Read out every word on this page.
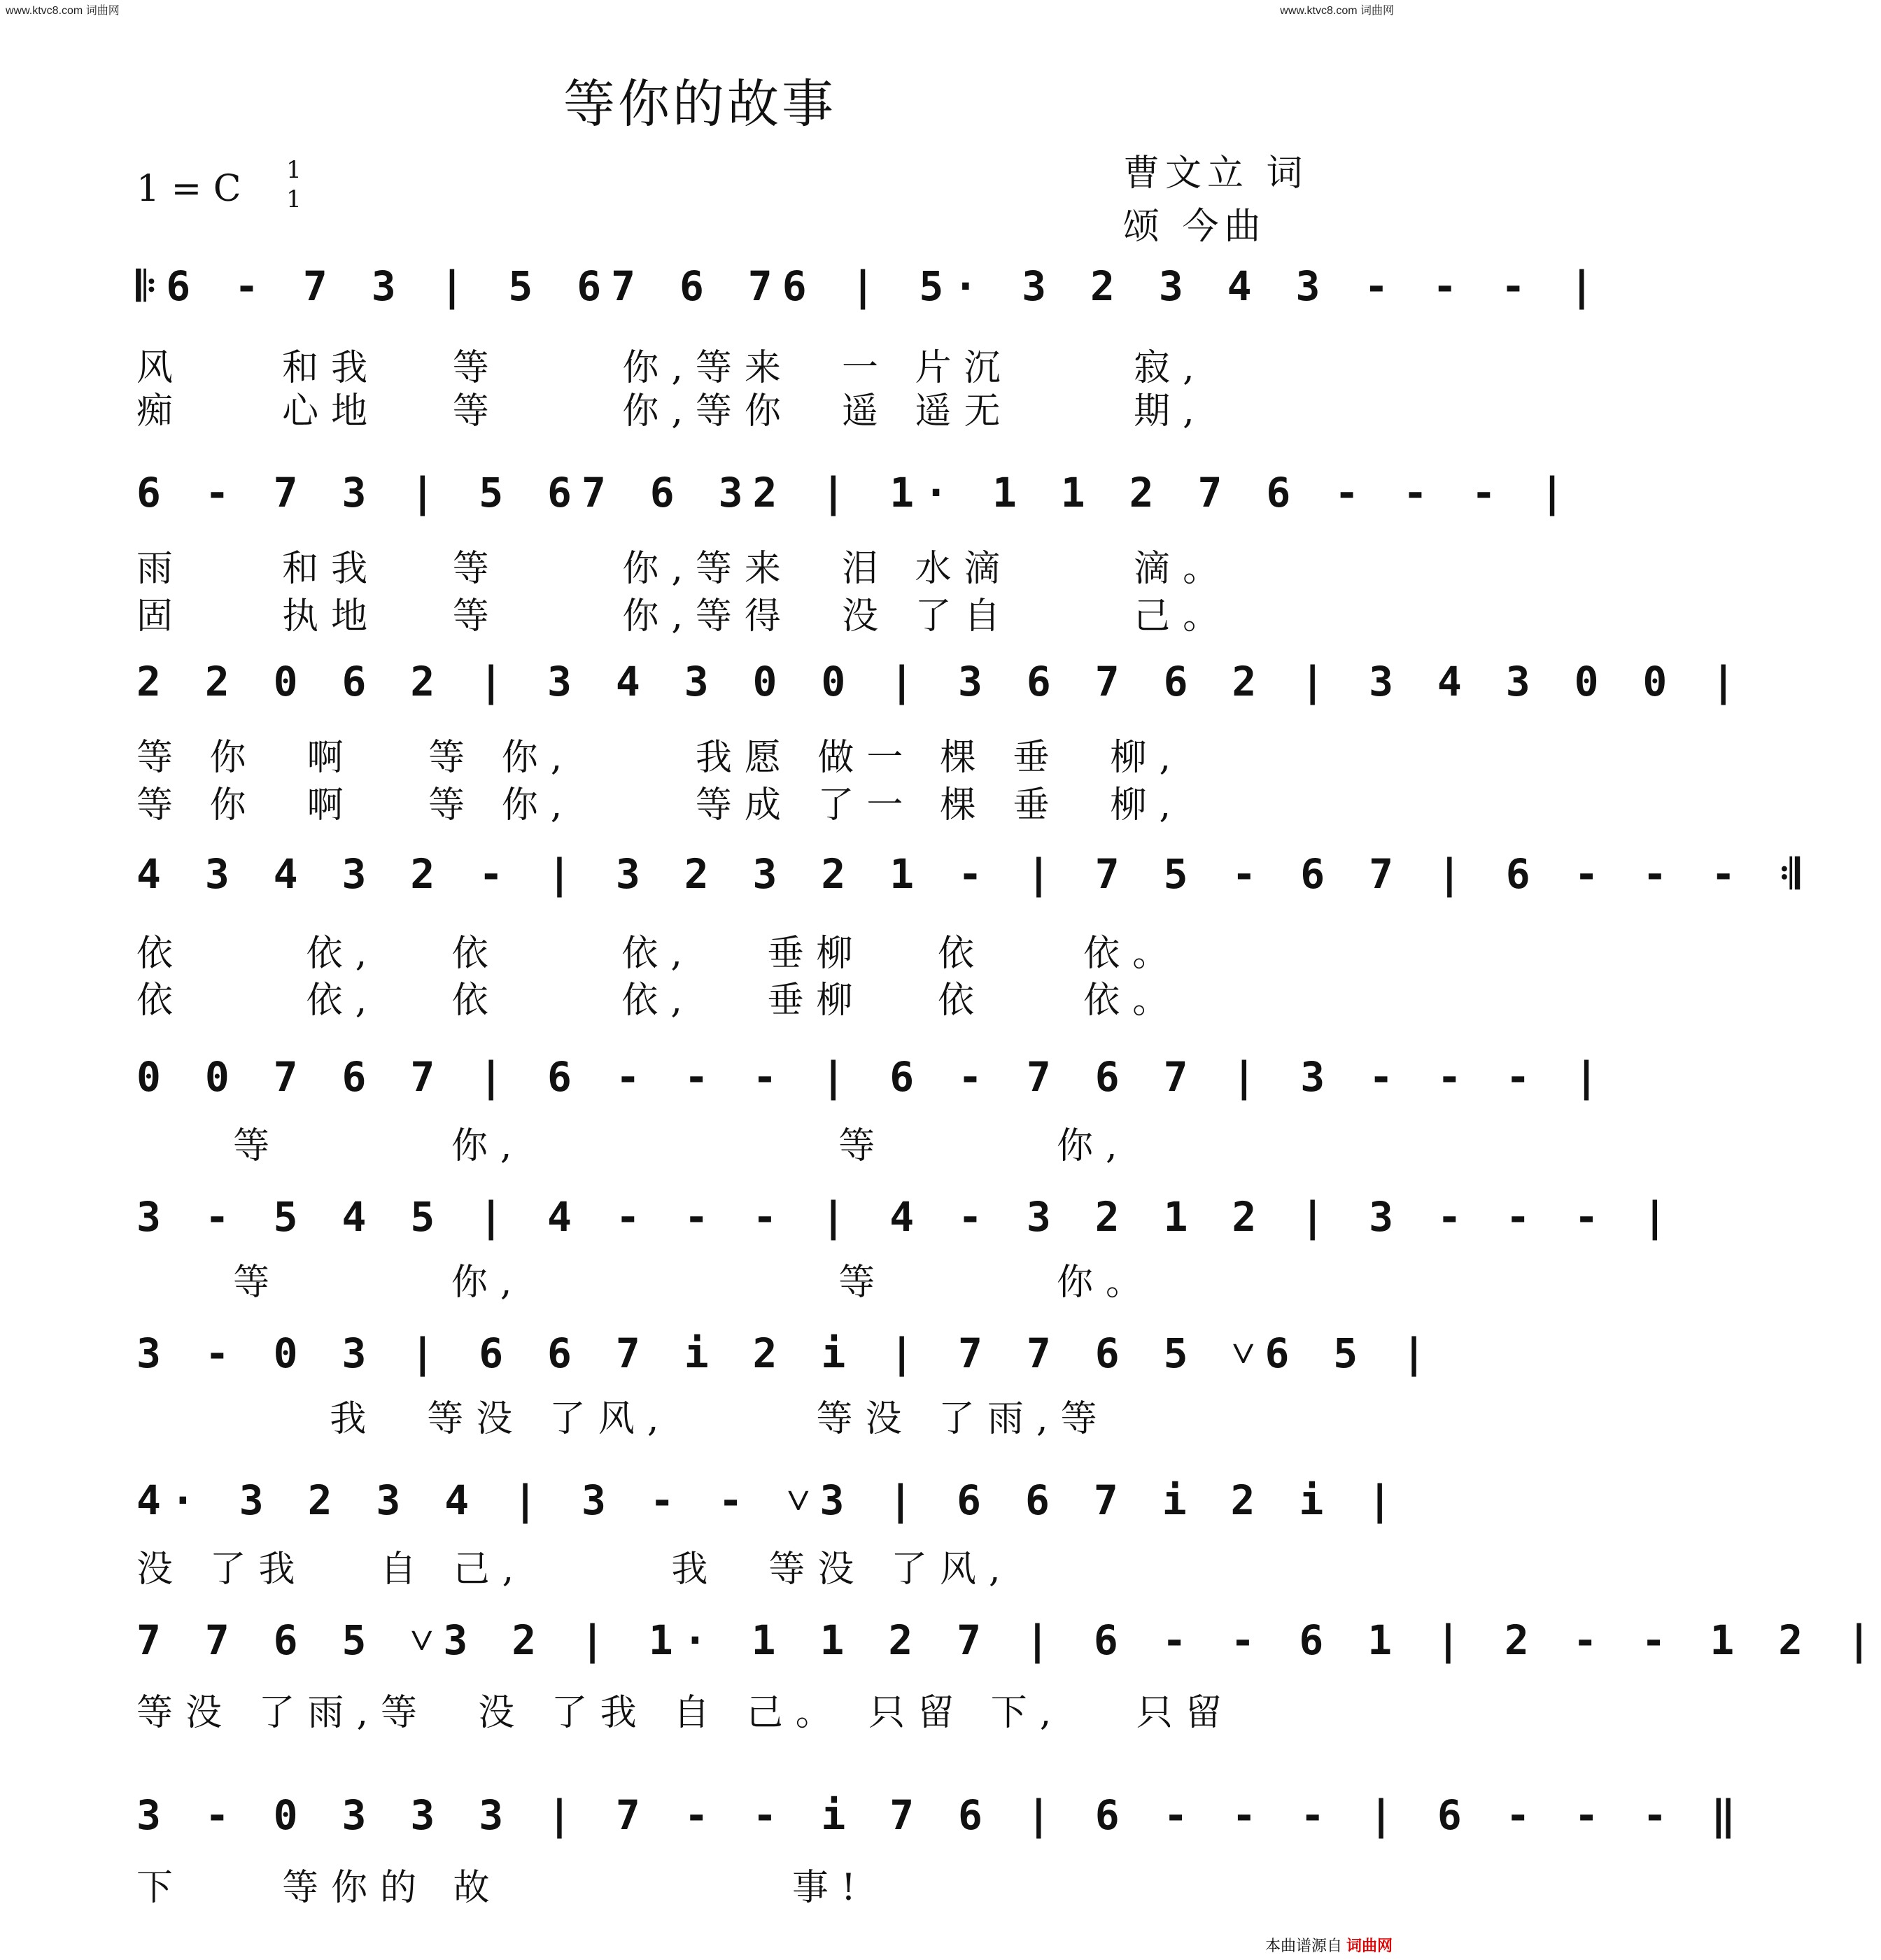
www.ktvc8.com 词曲网	www.ktvc8.com 词曲网
等你的故事
1 = C 1
1
曹文立 词
颂 今曲
𝄆6 - 7 3 | 5 67 6 76 | 5· 3 2 3 4 3 - - - |
风    和我   等     你,等来  一 片沉     寂,
痴    心地   等     你,等你  遥 遥无     期,
6 - 7 3 | 5 67 6 32 | 1· 1 1 2 7 6 - - - |
雨    和我   等     你,等来  泪 水滴     滴。
固    执地   等     你,等得  没 了自     己。
2 2 0 6 2 | 3 4 3 0 0 | 3 6 7 6 2 | 3 4 3 0 0 |
等 你  啊   等 你,     我愿 做一 棵 垂  柳,
等 你  啊   等 你,     等成 了一 棵 垂  柳,
4 3 4 3 2 - | 3 2 3 2 1 - | 7 5 - 6 7 | 6 - - - 𝄇
依     依,   依     依,   垂柳   依    依。
依     依,   依     依,   垂柳   依    依。
0 0 7 6 7 | 6 - - - | 6 - 7 6 7 | 3 - - - |
等       你,             等       你,
3 - 5 4 5 | 4 - - - | 4 - 3 2 1 2 | 3 - - - |
等       你,             等       你。
3 - 0 3 | 6 6 7 i 2 i | 7 7 6 5 ˅6 5 |
我  等没 了风,      等没 了雨,等
4· 3 2 3 4 | 3 - - ˅3 | 6 6 7 i 2 i |
没 了我   自 己,      我  等没 了风,
7 7 6 5 ˅3 2 | 1· 1 1 2 7 | 6 - - 6 1 | 2 - - 1 2 |
等没 了雨,等  没 了我 自 己。 只留 下,   只留
3 - 0 3 3 3 | 7 - - i 7 6 | 6 - - - | 6 - - - ‖
下    等你的 故            事!
本曲谱源自 词曲网
